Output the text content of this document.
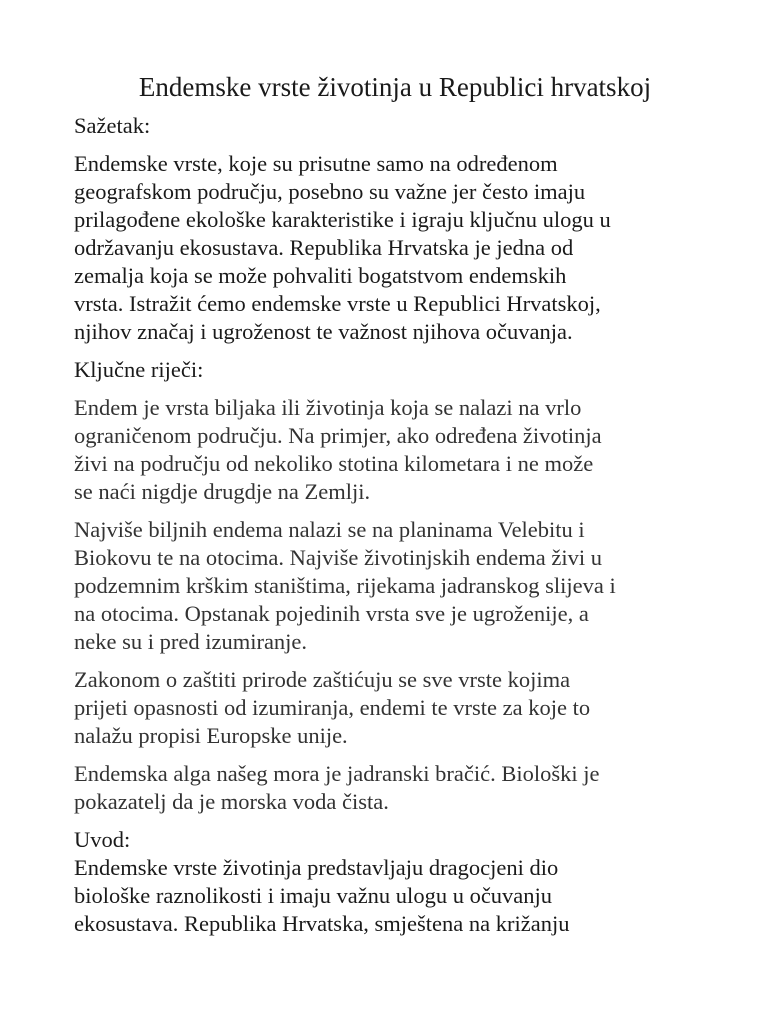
Endemske vrste životinja u Republici hrvatskoj
Sažetak:
Endemske vrste, koje su prisutne samo na određenom
geografskom području, posebno su važne jer često imaju
prilagođene ekološke karakteristike i igraju ključnu ulogu u
održavanju ekosustava. Republika Hrvatska je jedna od
zemalja koja se može pohvaliti bogatstvom endemskih
vrsta. Istražit ćemo endemske vrste u Republici Hrvatskoj,
njihov značaj i ugroženost te važnost njihova očuvanja.
Ključne riječi:
Endem je vrsta biljaka ili životinja koja se nalazi na vrlo
ograničenom području. Na primjer, ako određena životinja
živi na području od nekoliko stotina kilometara i ne može
se naći nigdje drugdje na Zemlji.
Najviše biljnih endema nalazi se na planinama Velebitu i
Biokovu te na otocima. Najviše životinjskih endema živi u
podzemnim krškim staništima, rijekama jadranskog slijeva i
na otocima. Opstanak pojedinih vrsta sve je ugroženije, a
neke su i pred izumiranje.
Zakonom o zaštiti prirode zaštićuju se sve vrste kojima
prijeti opasnosti od izumiranja, endemi te vrste za koje to
nalažu propisi Europske unije.
Endemska alga našeg mora je jadranski bračić. Biološki je
pokazatelj da je morska voda čista.
Uvod:
Endemske vrste životinja predstavljaju dragocjeni dio
biološke raznolikosti i imaju važnu ulogu u očuvanju
ekosustava. Republika Hrvatska, smještena na križanju
